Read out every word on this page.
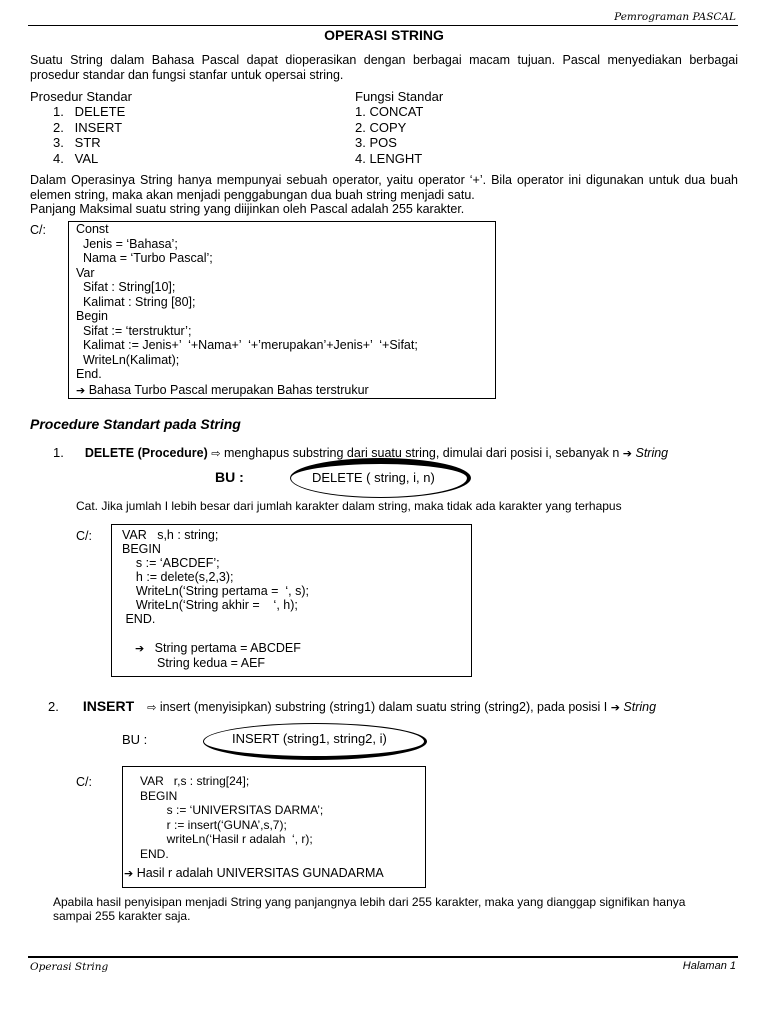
Pemrograman PASCAL
OPERASI STRING
Suatu String dalam Bahasa Pascal dapat dioperasikan dengan berbagai macam tujuan. Pascal menyediakan berbagai prosedur standar dan fungsi stanfar untuk opersai string.
Prosedur Standar
1.   DELETE
2.   INSERT
3.   STR
4.   VAL
Fungsi Standar
1. CONCAT
2. COPY
3. POS
4. LENGHT
Dalam Operasinya String hanya mempunyai sebuah operator, yaitu operator ‘+’. Bila operator ini digunakan untuk dua buah elemen string, maka akan menjadi penggabungan dua buah string menjadi satu.
Panjang Maksimal suatu string yang diijinkan oleh Pascal adalah 255 karakter.
C/: Const
Jenis = ‘Bahasa’;
Nama = ‘Turbo Pascal’;
Var
Sifat : String[10];
Kalimat : String [80];
Begin
Sifat := ‘terstruktur’;
Kalimat := Jenis+’  ‘+Nama+’  ‘+’merupakan’+Jenis+’  ‘+Sifat;
WriteLn(Kalimat);
End.
➔ Bahasa Turbo Pascal merupakan Bahas terstrukur
Procedure Standart pada String
1. DELETE (Procedure) ⇨ menghapus substring dari suatu string, dimulai dari posisi i, sebanyak n ➔ String
BU :	DELETE ( string, i, n)
Cat. Jika jumlah I lebih besar dari jumlah karakter dalam string, maka tidak ada karakter yang terhapus
C/: VAR   s,h : string;
BEGIN
s := ‘ABCDEF’;
h := delete(s,2,3);
WriteLn(‘String pertama =  ‘, s);
WriteLn(‘String akhir =    ‘, h);
END.
➔ String pertama = ABCDEF
String kedua = AEF
2. INSERT ⇨ insert (menyisipkan) substring (string1) dalam suatu string (string2), pada posisi I ➔ String
BU :	INSERT (string1, string2, i)
C/:	VAR   r,s : string[24];
BEGIN
s := ‘UNIVERSITAS DARMA’;
r := insert(‘GUNA’,s,7);
writeLn(‘Hasil r adalah  ‘, r);
END.
➔ Hasil r adalah UNIVERSITAS GUNADARMA
Apabila hasil penyisipan menjadi String yang panjangnya lebih dari 255 karakter, maka yang dianggap signifikan hanya sampai 255 karakter saja.
Operasi String	Halaman 1
